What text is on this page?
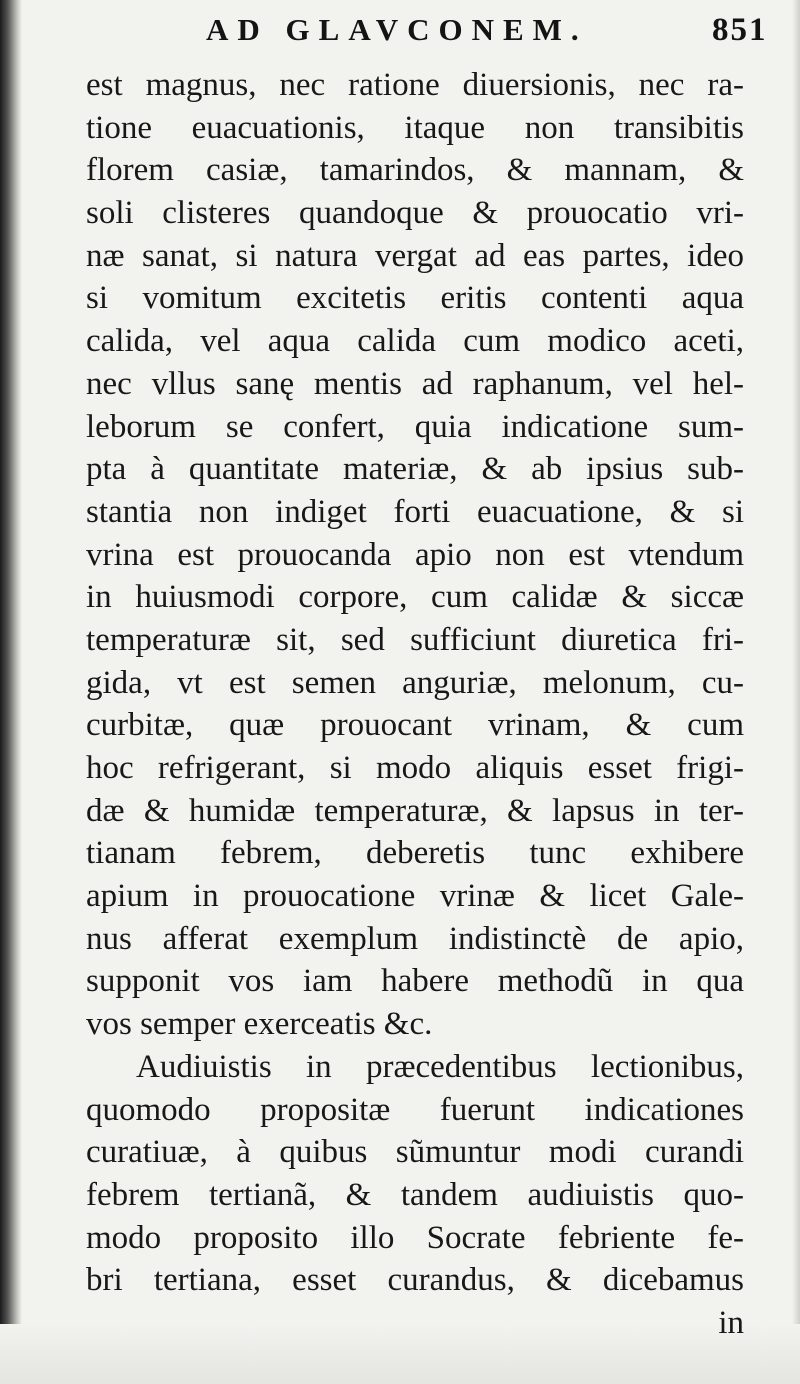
AD GLAVCONEM.	851
est magnus, nec ratione diuersionis, nec ra-
tione euacuationis, itaque non transibitis
florem casiæ, tamarindos, & mannam, &
soli clisteres quandoque & prouocatio vri-
næ sanat, si natura vergat ad eas partes, ideo
si vomitum excitetis eritis contenti aqua
calida, vel aqua calida cum modico aceti,
nec vllus sanę mentis ad raphanum, vel hel-
leborum se confert, quia indicatione sum-
pta à quantitate materiæ, & ab ipsius sub-
stantia non indiget forti euacuatione, & si
vrina est prouocanda apio non est vtendum
in huiusmodi corpore, cum calidæ & siccæ
temperaturæ sit, sed sufficiunt diuretica fri-
gida, vt est semen anguriæ, melonum, cu-
curbitæ, quæ prouocant vrinam, & cum
hoc refrigerant, si modo aliquis esset frigi-
dæ & humidæ temperaturæ, & lapsus in ter-
tianam febrem, deberetis tunc exhibere
apium in prouocatione vrinæ & licet Gale-
nus afferat exemplum indistinctè de apio,
supponit vos iam habere methodũ in qua
vos semper exerceatis &c.
Audiuistis in præcedentibus lectionibus,
quomodo propositæ fuerunt indicationes
curatiuæ, à quibus sũmuntur modi curandi
febrem tertianã, & tandem audiuistis quo-
modo proposito illo Socrate febriente fe-
bri tertiana, esset curandus, & dicebamus
in
